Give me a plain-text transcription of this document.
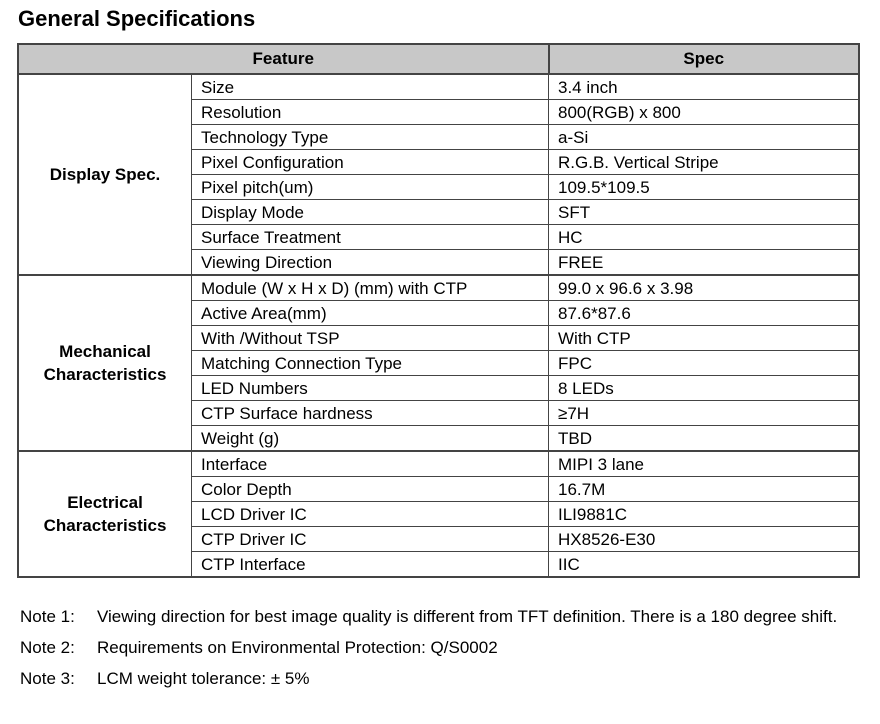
General Specifications
Feature		Spec
Display Spec.	Size	3.4 inch
	Resolution	800(RGB) x 800
	Technology Type	a-Si
	Pixel Configuration	R.G.B. Vertical Stripe
	Pixel pitch(um)	109.5*109.5
	Display Mode	SFT
	Surface Treatment	HC
	Viewing Direction	FREE
Mechanical Characteristics	Module (W x H x D) (mm) with CTP	99.0 x 96.6 x 3.98
	Active Area(mm)	87.6*87.6
	With /Without TSP	With CTP
	Matching Connection Type	FPC
	LED Numbers	8 LEDs
	CTP Surface hardness	≥7H
	Weight (g)	TBD
Electrical Characteristics	Interface	MIPI 3 lane
	Color Depth	16.7M
	LCD Driver IC	ILI9881C
	CTP Driver IC	HX8526-E30
	CTP Interface	IIC
Note 1: Viewing direction for best image quality is different from TFT definition. There is a 180 degree shift.
Note 2: Requirements on Environmental Protection: Q/S0002
Note 3: LCM weight tolerance: ± 5%
